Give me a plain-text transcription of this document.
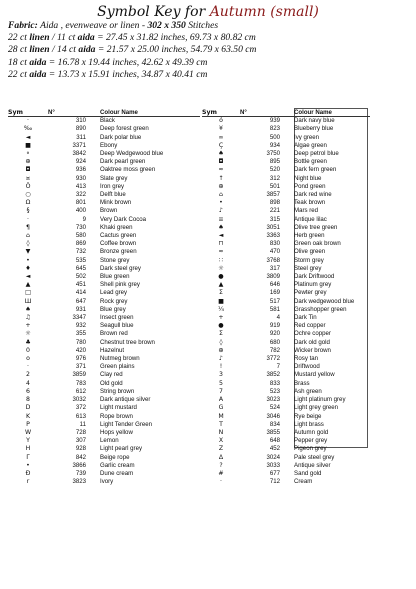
Symbol Key for Autumn (small)
Fabric: Aida , evenweave or linen - 302 x 350 Stitches
22 ct linen / 11 ct aida = 27.45 x 31.82 inches, 69.73 x 80.82 cm
28 ct linen / 14 ct aida = 21.57 x 25.00 inches, 54.79 x 63.50 cm
18 ct aida = 16.78 x 19.44 inches, 42.62 x 49.39 cm
22 ct aida = 13.73 x 15.91 inches, 34.87 x 40.41 cm
Sym	N°	Colour Name
·	310	Black
‰	890	Deep forest green
◄	311	Dark polar blue
■	3371	Ebony
⚬	3842	Deep Wedgewood blue
⊕	924	Dark pearl green
◘	936	Oaktree moss green
¤	930	Slate grey
Ö	413	Iron grey
○	322	Delft blue
Ω	801	Mink brown
§	400	Brown
·	9	Very Dark Cocoa
¶	730	Khaki green
⌂	580	Cactus green
◊	869	Coffee brown
▼	732	Bronze green
•	535	Stone grey
♦	645	Dark steel grey
◄	502	Blue green
▲	451	Shell pink grey
□	414	Lead grey
Ш	647	Rock grey
♠	931	Blue grey
♫	3347	Insect green
+	932	Seagull blue
☼	355	Brown red
♣	780	Chestnut tree brown
0	420	Hazelnut
o	976	Nutmeg brown
·	371	Green plains
2	3859	Clay red
4	783	Old gold
6	612	String brown
8	3032	Dark antique silver
D	372	Light mustard
K	613	Rope brown
P	11	Light Tender Green
W	728	Hops yellow
Y	307	Lemon
H	928	Light pearl grey
Γ	842	Beige rope
•	3866	Garlic cream
Ð	739	Dune cream
r	3823	Ivory
Sym	N°	Colour Name
ó	939	Dark navy blue
¥	823	Blueberry blue
∞	500	Ivy green
Ç	934	Algae green
♠	3750	Deep petrol blue
◘	895	Bottle green
≈	520	Dark fern green
↑	312	Night blue
⊕	501	Pond green
⌂	3857	Dark red wine
•	898	Teak brown
♪	221	Mars red
≡	315	Antique lilac
♠	3051	Olive tree green
◄	3363	Herb green
⊓	830	Green oak brown
≈	470	Olive green
∷	3768	Storm grey
☼	317	Steel grey
●	3809	Dark Driftwood
▲	646	Platinum grey
Σ	169	Pewter grey
■	517	Dark wedgewood blue
¼	581	Grasshopper green
+	4	Dark Tin
●	919	Red copper
Σ	920	Ochre copper
◊	680	Dark old gold
⊕	782	Wicker brown
♪	3772	Rosy tan
!	7	Driftwood
3	3852	Mustard yellow
5	833	Brass
7	523	Ash green
A	3023	Light platinum grey
G	524	Light grey green
M	3046	Rye beige
T	834	Light brass
N	3855	Autumn gold
X	648	Pepper grey
Z	452	Pigeon grey
Δ	3024	Pale steel grey
?	3033	Antique silver
#	677	Sand gold
·	712	Cream
